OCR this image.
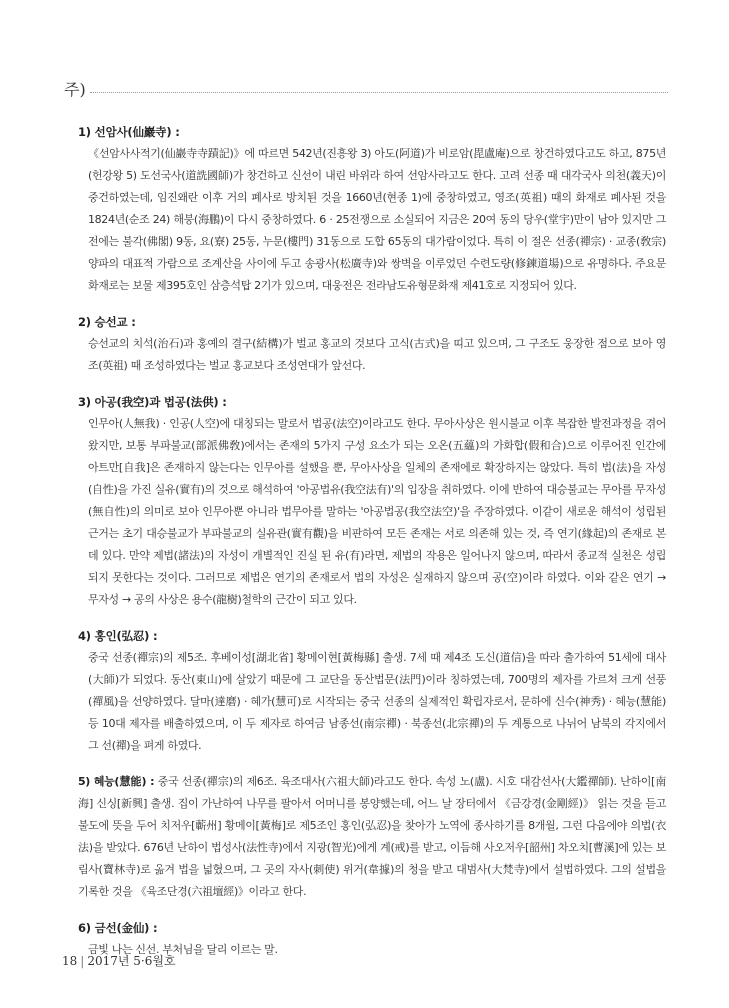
주)
1) 선암사(仙巖寺) :
《선암사사적기(仙巖寺寺蹟記)》에 따르면 542년(진흥왕 3) 아도(阿道)가 비로암(毘盧庵)으로 창건하였다고도 하고, 875년(헌강왕 5) 도선국사(道詵國師)가 창건하고 신선이 내린 바위라 하여 선암사라고도 한다. 고려 선종 때 대각국사 의천(義天)이 중건하였는데, 임진왜란 이후 거의 폐사로 방치된 것을 1660년(현종 1)에 중창하였고, 영조(英祖) 때의 화재로 폐사된 것을 1824년(순조 24) 해붕(海鵬)이 다시 중창하였다. 6 · 25전쟁으로 소실되어 지금은 20여 동의 당우(堂宇)만이 남아 있지만 그전에는 불각(佛閣) 9동, 요(寮) 25동, 누문(樓門) 31동으로 도합 65동의 대가람이었다. 특히 이 절은 선종(禪宗) · 교종(敎宗) 양파의 대표적 가람으로 조계산을 사이에 두고 송광사(松廣寺)와 쌍벽을 이루었던 수련도량(修鍊道場)으로 유명하다. 주요문화재로는 보물 제395호인 삼층석탑 2기가 있으며, 대웅전은 전라남도유형문화재 제41호로 지정되어 있다.
2) 승선교 :
승선교의 치석(治石)과 홍예의 결구(結構)가 벌교 홍교의 것보다 고식(古式)을 띠고 있으며, 그 구조도 웅장한 점으로 보아 영조(英祖) 때 조성하였다는 벌교 홍교보다 조성연대가 앞선다.
3) 아공(我空)과 법공(法供) :
인무아(人無我) · 인공(人空)에 대칭되는 말로서 법공(法空)이라고도 한다. 무아사상은 원시불교 이후 복잡한 발전과정을 겪어왔지만, 보통 부파불교(部派佛敎)에서는 존재의 5가지 구성 요소가 되는 오온(五蘊)의 가화합(假和合)으로 이루어진 인간에 아트만[自我]은 존재하지 않는다는 인무아를 설했을 뿐, 무아사상을 일체의 존재에로 확장하지는 않았다. 특히 법(法)을 자성(自性)을 가진 실유(實有)의 것으로 해석하여 '아공법유(我空法有)'의 입장을 취하였다. 이에 반하여 대승불교는 무아를 무자성(無自性)의 의미로 보아 인무아뿐 아니라 법무아를 말하는 '아공법공(我空法空)'을 주장하였다. 이같이 새로운 해석이 성립된 근거는 초기 대승불교가 부파불교의 실유관(實有觀)을 비판하여 모든 존재는 서로 의존해 있는 것, 즉 연기(緣起)의 존재로 본 데 있다. 만약 제법(諸法)의 자성이 개별적인 진실 된 유(有)라면, 제법의 작용은 일어나지 않으며, 따라서 종교적 실천은 성립되지 못한다는 것이다. 그러므로 제법은 연기의 존재로서 법의 자성은 실재하지 않으며 공(空)이라 하였다. 이와 같은 연기 → 무자성 → 공의 사상은 용수(龍樹)철학의 근간이 되고 있다.
4) 홍인(弘忍) :
중국 선종(禪宗)의 제5조. 후베이성[湖北省] 황메이현[黃梅縣] 출생. 7세 때 제4조 도신(道信)을 따라 출가하여 51세에 대사(大師)가 되었다. 동산(東山)에 살았기 때문에 그 교단을 동산법문(法門)이라 칭하였는데, 700명의 제자를 가르쳐 크게 선풍(禪風)을 선양하였다. 달마(達磨) · 혜가(慧可)로 시작되는 중국 선종의 실제적인 확립자로서, 문하에 신수(神秀) · 혜능(慧能) 등 10대 제자를 배출하였으며, 이 두 제자로 하여금 남종선(南宗禪) · 북종선(北宗禪)의 두 계통으로 나뉘어 남북의 각지에서 그 선(禪)을 펴게 하였다.
5) 혜능(慧能) : 중국 선종(禪宗)의 제6조. 육조대사(六祖大師)라고도 한다. 속성 노(盧). 시호 대감선사(大鑑禪師). 난하이[南海] 신싱[新興] 출생. 집이 가난하여 나무를 팔아서 어머니를 봉양했는데, 어느 날 장터에서 《금강경(金剛經)》 읽는 것을 듣고 불도에 뜻을 두어 치저우[蘄州] 황메이[黃梅]로 제5조인 홍인(弘忍)을 찾아가 노역에 종사하기를 8개월, 그런 다음에야 의법(衣法)을 받았다. 676년 난하이 법성사(法性寺)에서 지광(智光)에게 계(戒)를 받고, 이듬해 사오저우[韶州] 차오치[曹溪]에 있는 보림사(寶林寺)로 옮겨 법을 넓혔으며, 그 곳의 자사(刺使) 위거(韋據)의 청을 받고 대범사(大梵寺)에서 설법하였다. 그의 설법을 기록한 것을 《육조단경(六祖壇經)》이라고 한다.
6) 금선(金仙) :
금빛 나는 신선. 부처님을 달리 이르는 말.
18 | 2017년 5·6월호
